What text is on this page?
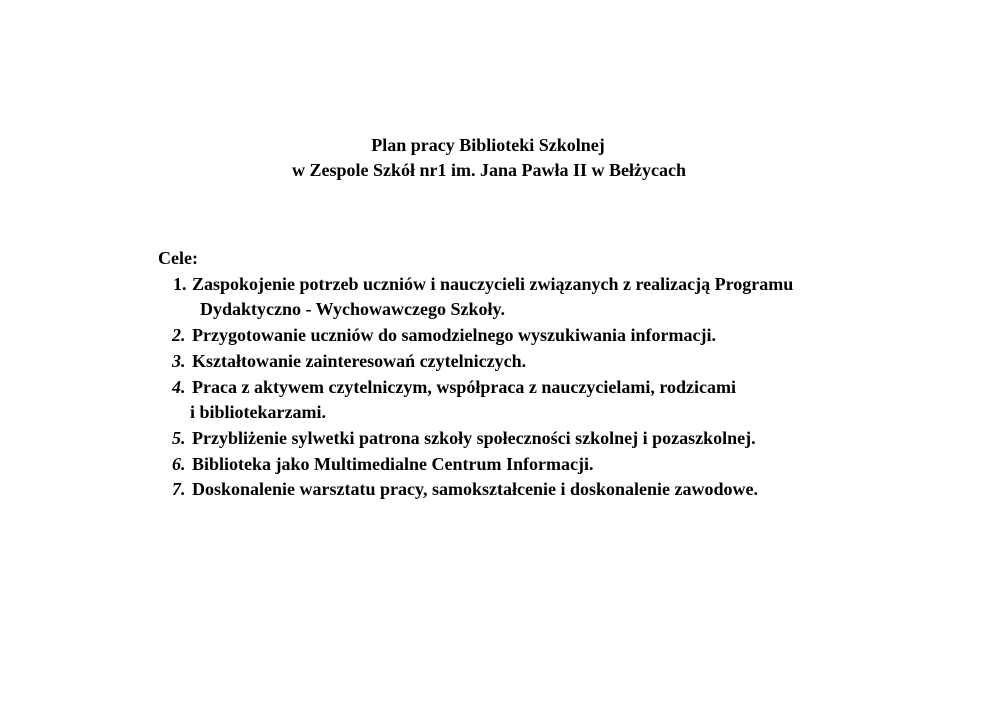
Plan pracy Biblioteki Szkolnej
w Zespole Szkół nr1 im. Jana Pawła II w Bełżycach
Cele:
1. Zaspokojenie potrzeb uczniów i nauczycieli związanych z realizacją Programu
Dydaktyczno - Wychowawczego Szkoły.
2. Przygotowanie uczniów do samodzielnego wyszukiwania informacji.
3. Kształtowanie zainteresowań czytelniczych.
4. Praca z aktywem czytelniczym, współpraca z nauczycielami, rodzicami
i bibliotekarzami.
5. Przybliżenie sylwetki patrona szkoły społeczności szkolnej i pozaszkolnej.
6. Biblioteka jako Multimedialne Centrum Informacji.
7. Doskonalenie warsztatu pracy, samokształcenie i doskonalenie zawodowe.
